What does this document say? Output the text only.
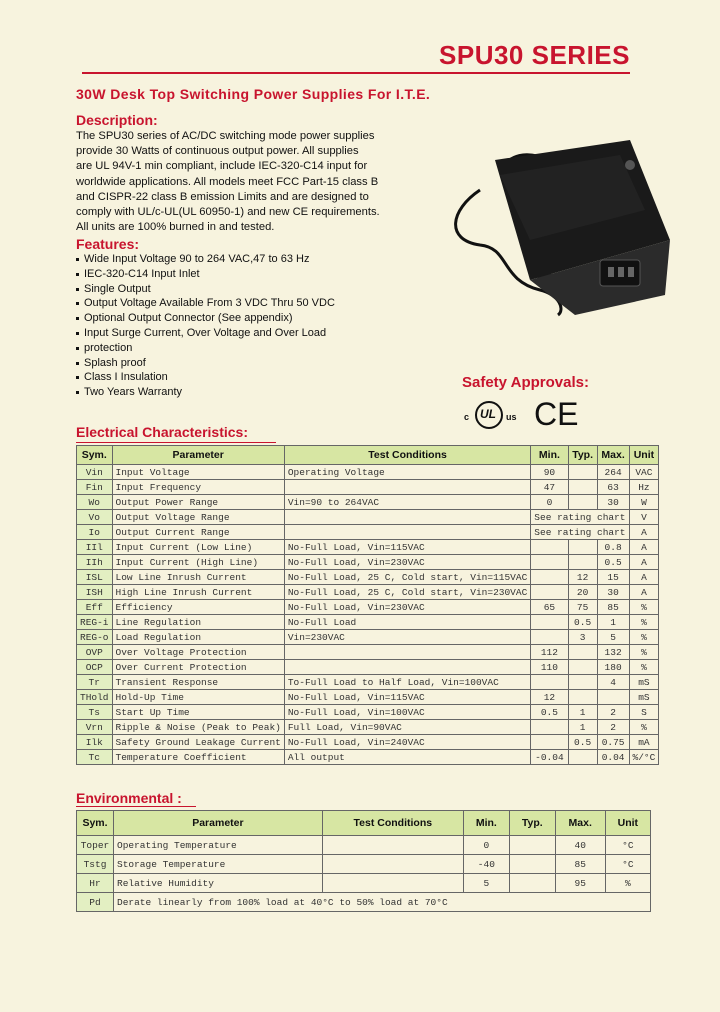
SPU30 SERIES
30W Desk Top Switching Power Supplies For I.T.E.
Description:
The SPU30 series of AC/DC switching mode power supplies
provide 30 Watts of continuous output power. All supplies
are UL 94V-1 min compliant, include IEC-320-C14 input for
worldwide applications. All models meet FCC Part-15 class B
and CISPR-22 class B emission Limits and are designed to
comply with UL/c-UL(UL 60950-1) and new CE requirements.
All units are 100% burned in and tested.
Features:
Wide Input Voltage 90 to 264 VAC,47 to 63 Hz
IEC-320-C14 Input Inlet
Single Output
Output Voltage Available From 3 VDC Thru 50 VDC
Optional Output Connector (See appendix)
Input Surge Current, Over Voltage and Over Load
protection
Splash proof
Class I Insulation
Two Years Warranty
Safety Approvals:
c UL us CE
Electrical Characteristics:
Sym.	Parameter	Test Conditions	Min.	Typ.	Max.	Unit
Vin	Input Voltage	Operating Voltage	90		264	VAC
Fin	Input Frequency		47		63	Hz
Wo	Output Power Range	Vin=90 to 264VAC	0		30	W
Vo	Output Voltage Range		See rating chart			V
Io	Output Current Range		See rating chart			A
IIl	Input Current (Low Line)	No-Full Load, Vin=115VAC			0.8	A
IIh	Input Current (High Line)	No-Full Load, Vin=230VAC			0.5	A
ISL	Low Line Inrush Current	No-Full Load, 25 C, Cold start, Vin=115VAC		12	15	A
ISH	High Line Inrush Current	No-Full Load, 25 C, Cold start, Vin=230VAC		20	30	A
Eff	Efficiency	No-Full Load, Vin=230VAC	65	75	85	%
REG-i	Line Regulation	No-Full Load		0.5	1	%
REG-o	Load Regulation	Vin=230VAC		3	5	%
OVP	Over Voltage Protection		112		132	%
OCP	Over Current Protection		110		180	%
Tr	Transient Response	To-Full Load to Half Load, Vin=100VAC			4	mS
THold	Hold-Up Time	No-Full Load, Vin=115VAC	12			mS
Ts	Start Up Time	No-Full Load, Vin=100VAC	0.5	1	2	S
Vrn	Ripple & Noise (Peak to Peak)	Full Load, Vin=90VAC		1	2	%
Ilk	Safety Ground Leakage Current	No-Full Load, Vin=240VAC		0.5	0.75	mA
Tc	Temperature Coefficient	All output	-0.04		0.04	%/°C
Environmental :
Sym.	Parameter	Test Conditions	Min.	Typ.	Max.	Unit
Toper	Operating Temperature		0		40	°C
Tstg	Storage Temperature		-40		85	°C
Hr	Relative Humidity		5		95	%
Pd	Derate linearly from 100% load at 40°C to 50% load at 70°C					
